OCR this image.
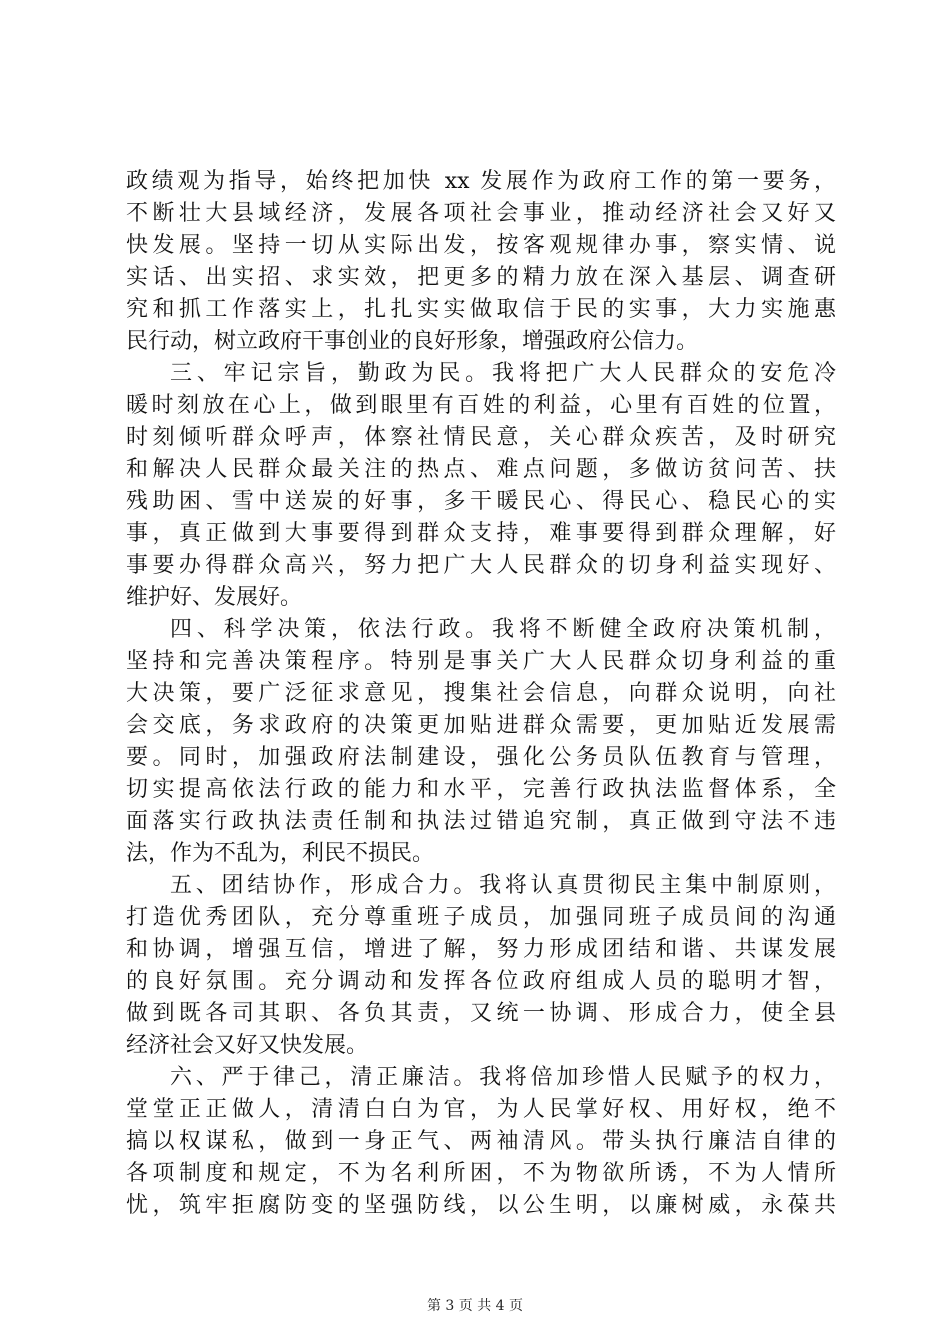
政绩观为指导，始终把加快 xx 发展作为政府工作的第一要务，
不断壮大县域经济，发展各项社会事业，推动经济社会又好又
快发展。坚持一切从实际出发，按客观规律办事，察实情、说
实话、出实招、求实效，把更多的精力放在深入基层、调查研
究和抓工作落实上，扎扎实实做取信于民的实事，大力实施惠
民行动，树立政府干事创业的良好形象，增强政府公信力。
三、牢记宗旨，勤政为民。我将把广大人民群众的安危冷
暖时刻放在心上，做到眼里有百姓的利益，心里有百姓的位置，
时刻倾听群众呼声，体察社情民意，关心群众疾苦，及时研究
和解决人民群众最关注的热点、难点问题，多做访贫问苦、扶
残助困、雪中送炭的好事，多干暖民心、得民心、稳民心的实
事，真正做到大事要得到群众支持，难事要得到群众理解，好
事要办得群众高兴，努力把广大人民群众的切身利益实现好、
维护好、发展好。
四、科学决策，依法行政。我将不断健全政府决策机制，
坚持和完善决策程序。特别是事关广大人民群众切身利益的重
大决策，要广泛征求意见，搜集社会信息，向群众说明，向社
会交底，务求政府的决策更加贴进群众需要，更加贴近发展需
要。同时，加强政府法制建设，强化公务员队伍教育与管理，
切实提高依法行政的能力和水平，完善行政执法监督体系，全
面落实行政执法责任制和执法过错追究制，真正做到守法不违
法，作为不乱为，利民不损民。
五、团结协作，形成合力。我将认真贯彻民主集中制原则，
打造优秀团队，充分尊重班子成员，加强同班子成员间的沟通
和协调，增强互信，增进了解，努力形成团结和谐、共谋发展
的良好氛围。充分调动和发挥各位政府组成人员的聪明才智，
做到既各司其职、各负其责，又统一协调、形成合力，使全县
经济社会又好又快发展。
六、严于律己，清正廉洁。我将倍加珍惜人民赋予的权力，
堂堂正正做人，清清白白为官，为人民掌好权、用好权，绝不
搞以权谋私，做到一身正气、两袖清风。带头执行廉洁自律的
各项制度和规定，不为名利所困，不为物欲所诱，不为人情所
忧，筑牢拒腐防变的坚强防线，以公生明，以廉树威，永葆共
第 3 页 共 4 页
